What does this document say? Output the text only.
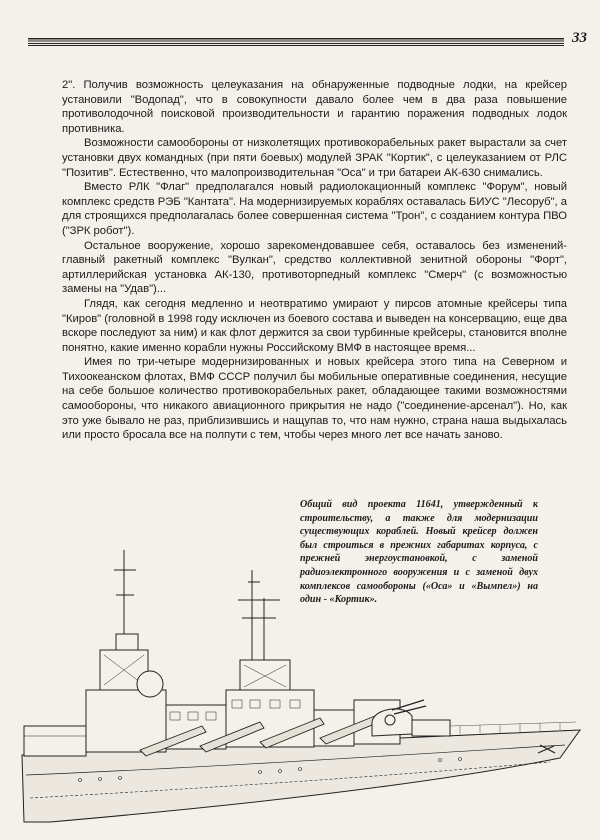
33

2". Получив возможность целеуказания на обнаруженные подводные лодки, на крейсер установили "Водопад", что в совокупности давало более чем в два раза повышение противолодочной поисковой производительности и гарантию поражения подводных лодок противника.

Возможности самообороны от низколетящих противокорабельных ракет вырастали за счет установки двух командных (при пяти боевых) модулей ЗРАК "Кортик", с целеуказанием от РЛС "Позитив". Естественно, что малопроизводительная "Оса" и три батареи АК-630 снимались.

Вместо РЛК "Флаг" предполагался новый радиолокационный комплекс "Форум", новый комплекс средств РЭБ "Кантата". На модернизируемых кораблях оставалась БИУС "Лесоруб", а для строящихся предполагалась более совершенная система "Трон", с созданием контура ПВО ("ЗРК робот").

Остальное вооружение, хорошо зарекомендовавшее себя, оставалось без изменений-главный ракетный комплекс "Вулкан", средство коллективной зенитной обороны "Форт", артиллерийская установка АК-130, противоторпедный комплекс "Смерч" (с возможностью замены на "Удав")...

Глядя, как сегодня медленно и неотвратимо умирают у пирсов атомные крейсеры типа "Киров" (головной в 1998 году исключен из боевого состава и выведен на консервацию, еще два вскоре последуют за ним) и как флот держится за свои турбинные крейсеры, становится вполне понятно, какие именно корабли нужны Российскому ВМФ в настоящее время...

Имея по три-четыре модернизированных и новых крейсера этого типа на Северном и Тихоокеанском флотах, ВМФ СССР получил бы мобильные оперативные соединения, несущие на себе большое количество противокорабельных ракет, обладающее такими возможностями самообороны, что никакого авиационного прикрытия не надо ("соединение-арсенал"). Но, как это уже бывало не раз, приблизившись и нащупав то, что нам нужно, страна наша выдыхалась или просто бросала все на полпути с тем, чтобы через много лет все начать заново.

Общий вид проекта 11641, утвержденный к строительству, а также для модернизации существующих кораблей. Новый крейсер должен был строиться в прежних габаритах корпуса, с прежней энергоустановкой, с заменой радиоэлектронного вооружения и с заменой двух комплексов самообороны («Оса» и «Вымпел») на один - «Кортик».
